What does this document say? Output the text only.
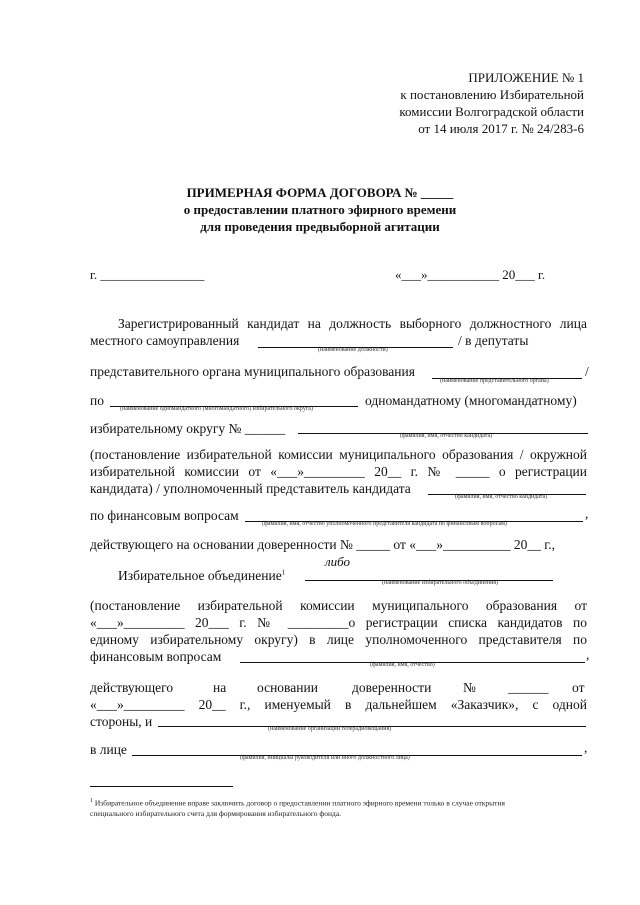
ПРИЛОЖЕНИЕ № 1
к постановлению Избирательной
комиссии Волгоградской области
от 14 июля 2017 г. № 24/283-6
ПРИМЕРНАЯ ФОРМА ДОГОВОРА № _____
о предоставлении платного эфирного времени
для проведения предвыборной агитации
г. ________________	«___»___________ 20___ г.
Зарегистрированный кандидат на должность выборного должностного лица
местного самоуправления	/ в депутаты
(наименование должности)
представительного органа муниципального образования	/
(наименование представительного органа)
по	одномандатному (многомандатному)
(наименование одномандатного (многомандатного) избирательного округа)
избирательному округу № ______	(фамилия, имя, отчество кандидата)
(постановление избирательной комиссии муниципального образования / окружной
избирательной комиссии от «___»_________ 20__ г. № _____ о регистрации
кандидата) / уполномоченный представитель кандидата
(фамилия, имя, отчество кандидата)
по финансовым вопросам	,
(фамилия, имя, отчество уполномоченного представителя кандидата по финансовым вопросам)
действующего на основании доверенности № _____ от «___»__________ 20__ г.,
либо
Избирательное объединение$^1$
(наименование избирательного объединения)
(постановление избирательной комиссии муниципального образования от
«___»_________ 20___ г. № _________о регистрации списка кандидатов по
единому избирательному округу) в лице уполномоченного представителя по
финансовым вопросам	,
(фамилия, имя, отчество)
действующего	на основании	доверенности № ______ от
«___»_________ 20__ г., именуемый в дальнейшем «Заказчик», с одной
стороны, и	(наименование организации телерадиовещания)
в лице	,
(фамилия, инициалы руководителя или иного должностного лица)
$^1$ Избирательное объединение вправе заключить договор о предоставлении платного эфирного времени только в случае открытия
специального избирательного счета для формирования избирательного фонда.
